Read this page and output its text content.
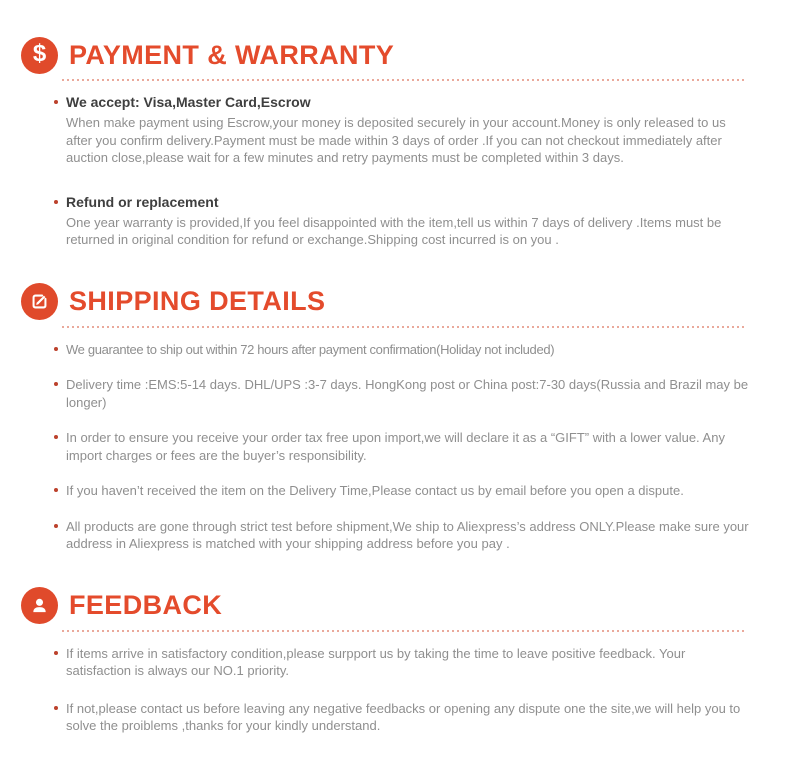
$ PAYMENT & WARRANTY
We accept: Visa,Master Card,Escrow
When make payment using Escrow,your money is deposited securely in your account.Money is only released to us after you confirm delivery.Payment must be made within 3 days of order .If you can not checkout immediately after auction close,please wait for a few minutes and retry payments must be completed within 3 days.
Refund or replacement
One year warranty is provided,If you feel disappointed with the item,tell us within 7 days of delivery .Items must be returned in original condition for refund or exchange.Shipping cost incurred is on you .
SHIPPING DETAILS
We guarantee to ship out within 72 hours after payment confirmation(Holiday not included)
Delivery time :EMS:5-14 days. DHL/UPS :3-7 days. HongKong post or China post:7-30 days(Russia and Brazil may be longer)
In order to ensure you receive your order tax free upon import,we will declare it as a “GIFT” with a lower value. Any import charges or fees are the buyer’s responsibility.
If you haven’t received the item on the Delivery Time,Please contact us by email before you open a dispute.
All products are gone through strict test before shipment,We ship to Aliexpress’s address ONLY.Please make sure your address in Aliexpress is matched with your shipping address before you pay .
FEEDBACK
If items arrive in satisfactory condition,please surpport us by taking the time to leave positive feedback. Your satisfaction is always our NO.1 priority.
If not,please contact us before leaving any negative feedbacks or opening any dispute one the site,we will help you to solve the proiblems ,thanks for your kindly understand.
